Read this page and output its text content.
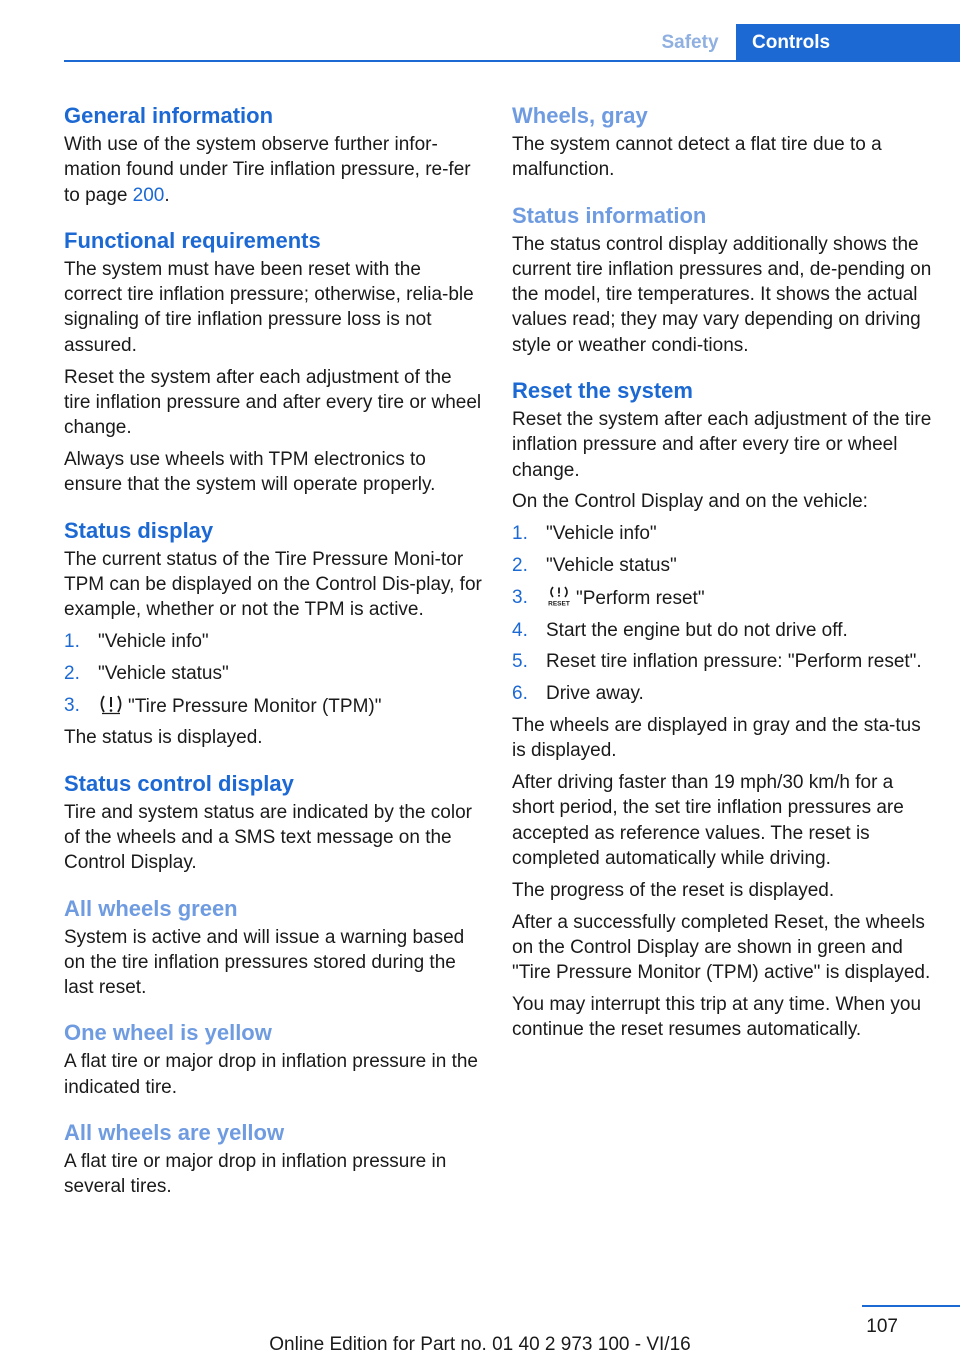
Safety	Controls
General information

With use of the system observe further infor-mation found under Tire inflation pressure, re-fer to page 200.

Functional requirements

The system must have been reset with the correct tire inflation pressure; otherwise, relia-ble signaling of tire inflation pressure loss is not assured.

Reset the system after each adjustment of the tire inflation pressure and after every tire or wheel change.

Always use wheels with TPM electronics to ensure that the system will operate properly.

Status display

The current status of the Tire Pressure Moni-tor TPM can be displayed on the Control Dis-play, for example, whether or not the TPM is active.

1. "Vehicle info"
2. "Vehicle status"
3.	"Tire Pressure Monitor (TPM)"

The status is displayed.

Status control display

Tire and system status are indicated by the color of the wheels and a SMS text message on the Control Display.

All wheels green

System is active and will issue a warning based on the tire inflation pressures stored during the last reset.

One wheel is yellow

A flat tire or major drop in inflation pressure in the indicated tire.

All wheels are yellow

A flat tire or major drop in inflation pressure in several tires.

Wheels, gray

The system cannot detect a flat tire due to a malfunction.

Status information

The status control display additionally shows the current tire inflation pressures and, de-pending on the model, tire temperatures. It shows the actual values read; they may vary depending on driving style or weather condi-tions.

Reset the system

Reset the system after each adjustment of the tire inflation pressure and after every tire or wheel change.

On the Control Display and on the vehicle:

1. "Vehicle info"
2. "Vehicle status"
3.	RESET "Perform reset"
4. Start the engine but do not drive off.
5. Reset tire inflation pressure: "Perform reset".
6. Drive away.

The wheels are displayed in gray and the sta-tus is displayed.

After driving faster than 19 mph/30 km/h for a short period, the set tire inflation pressures are accepted as reference values. The reset is completed automatically while driving.

The progress of the reset is displayed.

After a successfully completed Reset, the wheels on the Control Display are shown in green and "Tire Pressure Monitor (TPM) active" is displayed.

You may interrupt this trip at any time. When you continue the reset resumes automatically.

107
Online Edition for Part no. 01 40 2 973 100 - VI/16
